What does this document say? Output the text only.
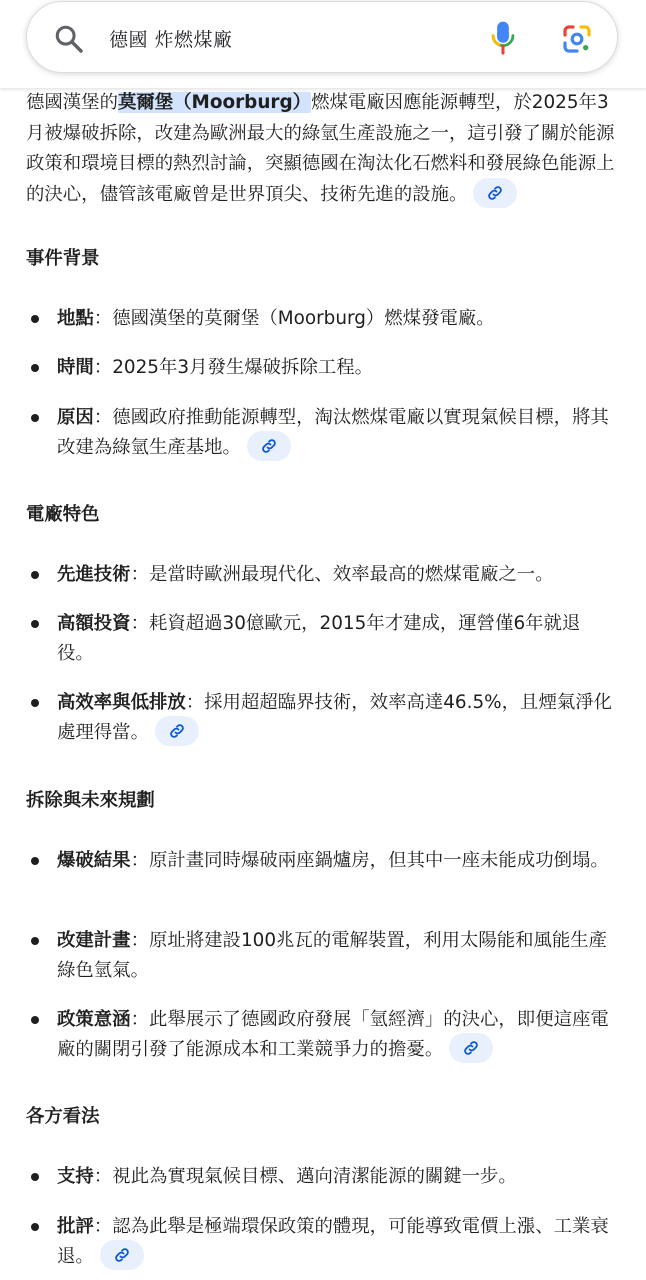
德國 炸燃煤廠
德國漢堡的莫爾堡（Moorburg）燃煤電廠因應能源轉型，於2025年3月被爆破拆除，改建為歐洲最大的綠氫生產設施之一，這引發了關於能源政策和環境目標的熱烈討論，突顯德國在淘汰化石燃料和發展綠色能源上的決心，儘管該電廠曾是世界頂尖、技術先進的設施。
事件背景
地點：德國漢堡的莫爾堡（Moorburg）燃煤發電廠。
時間：2025年3月發生爆破拆除工程。
原因：德國政府推動能源轉型，淘汰燃煤電廠以實現氣候目標，將其改建為綠氫生產基地。
電廠特色
先進技術：是當時歐洲最現代化、效率最高的燃煤電廠之一。
高額投資：耗資超過30億歐元，2015年才建成，運營僅6年就退役。
高效率與低排放：採用超超臨界技術，效率高達46.5%，且煙氣淨化處理得當。
拆除與未來規劃
爆破結果：原計畫同時爆破兩座鍋爐房，但其中一座未能成功倒塌。
改建計畫：原址將建設100兆瓦的電解裝置，利用太陽能和風能生產綠色氫氣。
政策意涵：此舉展示了德國政府發展「氫經濟」的決心，即便這座電廠的關閉引發了能源成本和工業競爭力的擔憂。
各方看法
支持：視此為實現氣候目標、邁向清潔能源的關鍵一步。
批評：認為此舉是極端環保政策的體現，可能導致電價上漲、工業衰退。
